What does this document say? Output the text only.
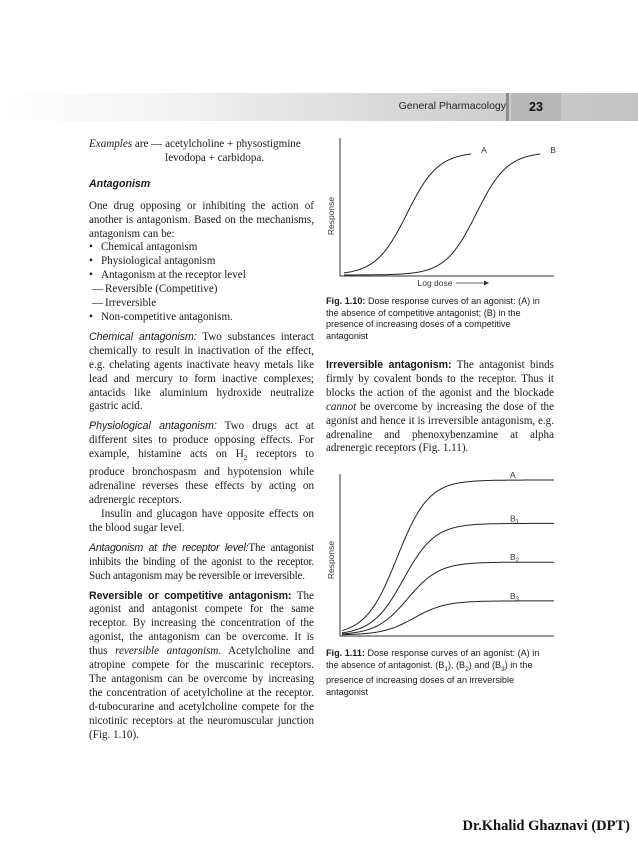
General Pharmacology	23
Examples are — acetylcholine + physostigmine
levodopa + carbidopa.
Antagonism

One drug opposing or inhibiting the action of another is antagonism. Based on the mechanisms, antagonism can be:

• Chemical antagonism
• Physiological antagonism
• Antagonism at the receptor level
— Reversible (Competitive)
— Irreversible
• Non-competitive antagonism.

Chemical antagonism: Two substances interact chemically to result in inactivation of the effect, e.g. chelating agents inactivate heavy metals like lead and mercury to form inactive complexes; antacids like aluminium hydroxide neutralize gastric acid.

Physiological antagonism: Two drugs act at different sites to produce opposing effects. For example, histamine acts on $H_2$ receptors to produce bronchospasm and hypotension while adrenaline reverses these effects by acting on adrenergic receptors.

Insulin and glucagon have opposite effects on the blood sugar level.

Antagonism at the receptor level:The antagonist inhibits the binding of the agonist to the receptor. Such antagonism may be reversible or irreversible.

Reversible or competitive antagonism: The agonist and antagonist compete for the same receptor. By increasing the concentration of the agonist, the antagonism can be overcome. It is thus reversible antagonism. Acetylcholine and atropine compete for the muscarinic receptors. The antagonism can be overcome by increasing the concentration of acetylcholine at the receptor. d-tubocurarine and acetylcholine compete for the nicotinic receptors at the neuromuscular junction (Fig. 1.10).

Response
Log dose
A	B
Fig. 1.10: Dose response curves of an agonist: (A) in the absence of competitive antagonist; (B) in the presence of increasing doses of a competitive antagonist

Irreversible antagonism: The antagonist binds firmly by covalent bonds to the receptor. Thus it blocks the action of the agonist and the blockade cannot be overcome by increasing the dose of the agonist and hence it is irreversible antagonism, e.g. adrenaline and phenoxybenzamine at alpha adrenergic receptors (Fig. 1.11).

Response
A
$B_1$
$B_2$
$B_3$
Fig. 1.11: Dose response curves of an agonist: (A) in the absence of antagonist. $(B_1)$, $(B_2)$ and $(B_3)$ in the presence of increasing doses of an irreversible antagonist
Dr.Khalid Ghaznavi (DPT)
